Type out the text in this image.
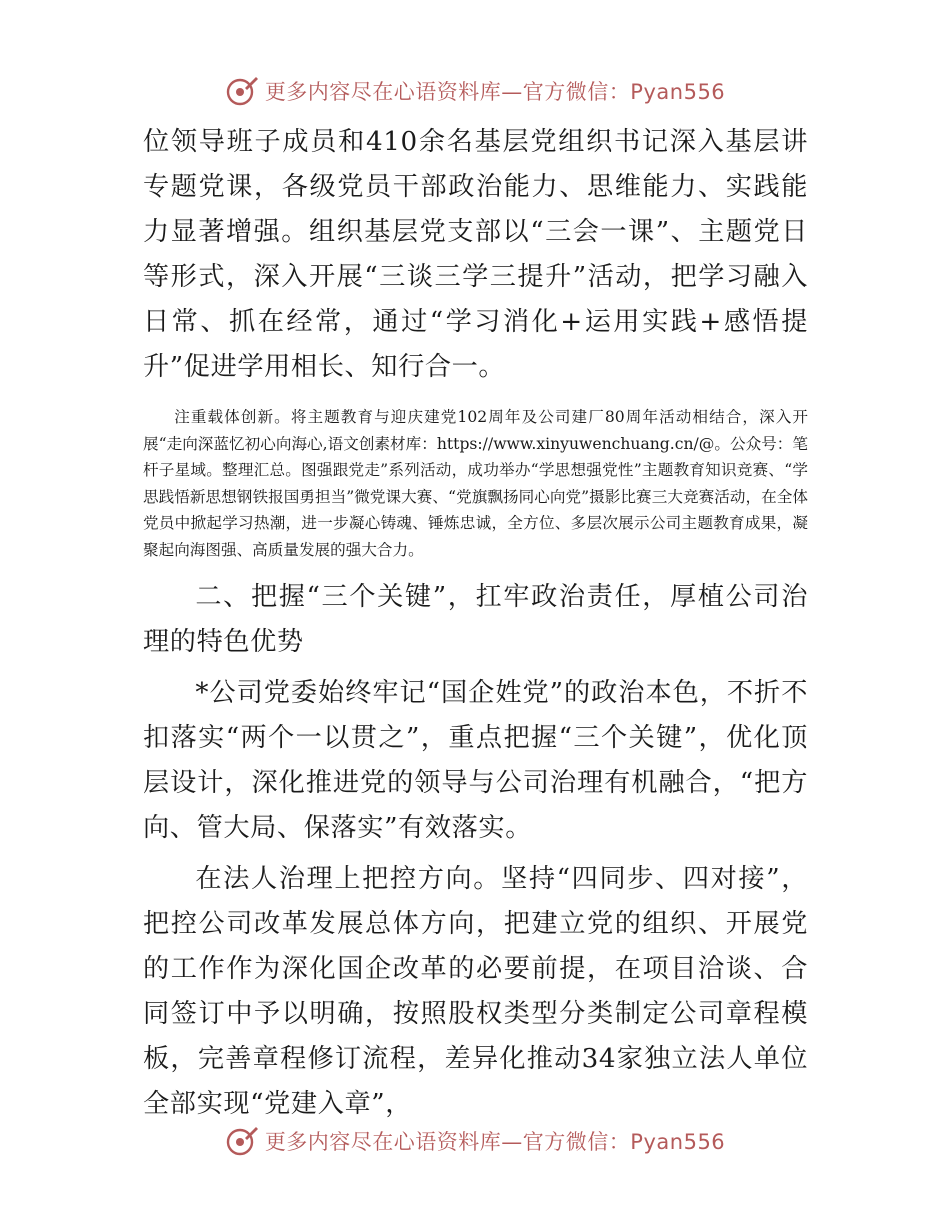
更多内容尽在心语资料库—官方微信：Pyan556

位领导班子成员和410余名基层党组织书记深入基层讲专题党课，各级党员干部政治能力、思维能力、实践能力显著增强。组织基层党支部以“三会一课”、主题党日等形式，深入开展“三谈三学三提升”活动，把学习融入日常、抓在经常，通过“学习消化+运用实践+感悟提升”促进学用相长、知行合一。

注重载体创新。将主题教育与迎庆建党102周年及公司建厂80周年活动相结合，深入开展“走向深蓝忆初心向海心,语文创素材库：https://www.xinyuwenchuang.cn/@。公众号：笔杆子星域。整理汇总。图强跟党走”系列活动，成功举办“学思想强党性”主题教育知识竞赛、“学思践悟新思想钢铁报国勇担当”微党课大赛、“党旗飘扬同心向党”摄影比赛三大竞赛活动，在全体党员中掀起学习热潮，进一步凝心铸魂、锤炼忠诚，全方位、多层次展示公司主题教育成果，凝聚起向海图强、高质量发展的强大合力。

二、把握“三个关键”，扛牢政治责任，厚植公司治理的特色优势

*公司党委始终牢记“国企姓党”的政治本色，不折不扣落实“两个一以贯之”，重点把握“三个关键”，优化顶层设计，深化推进党的领导与公司治理有机融合，“把方向、管大局、保落实”有效落实。

在法人治理上把控方向。坚持“四同步、四对接”，把控公司改革发展总体方向，把建立党的组织、开展党的工作作为深化国企改革的必要前提，在项目洽谈、合同签订中予以明确，按照股权类型分类制定公司章程模板，完善章程修订流程，差异化推动34家独立法人单位全部实现“党建入章”，

更多内容尽在心语资料库—官方微信：Pyan556
